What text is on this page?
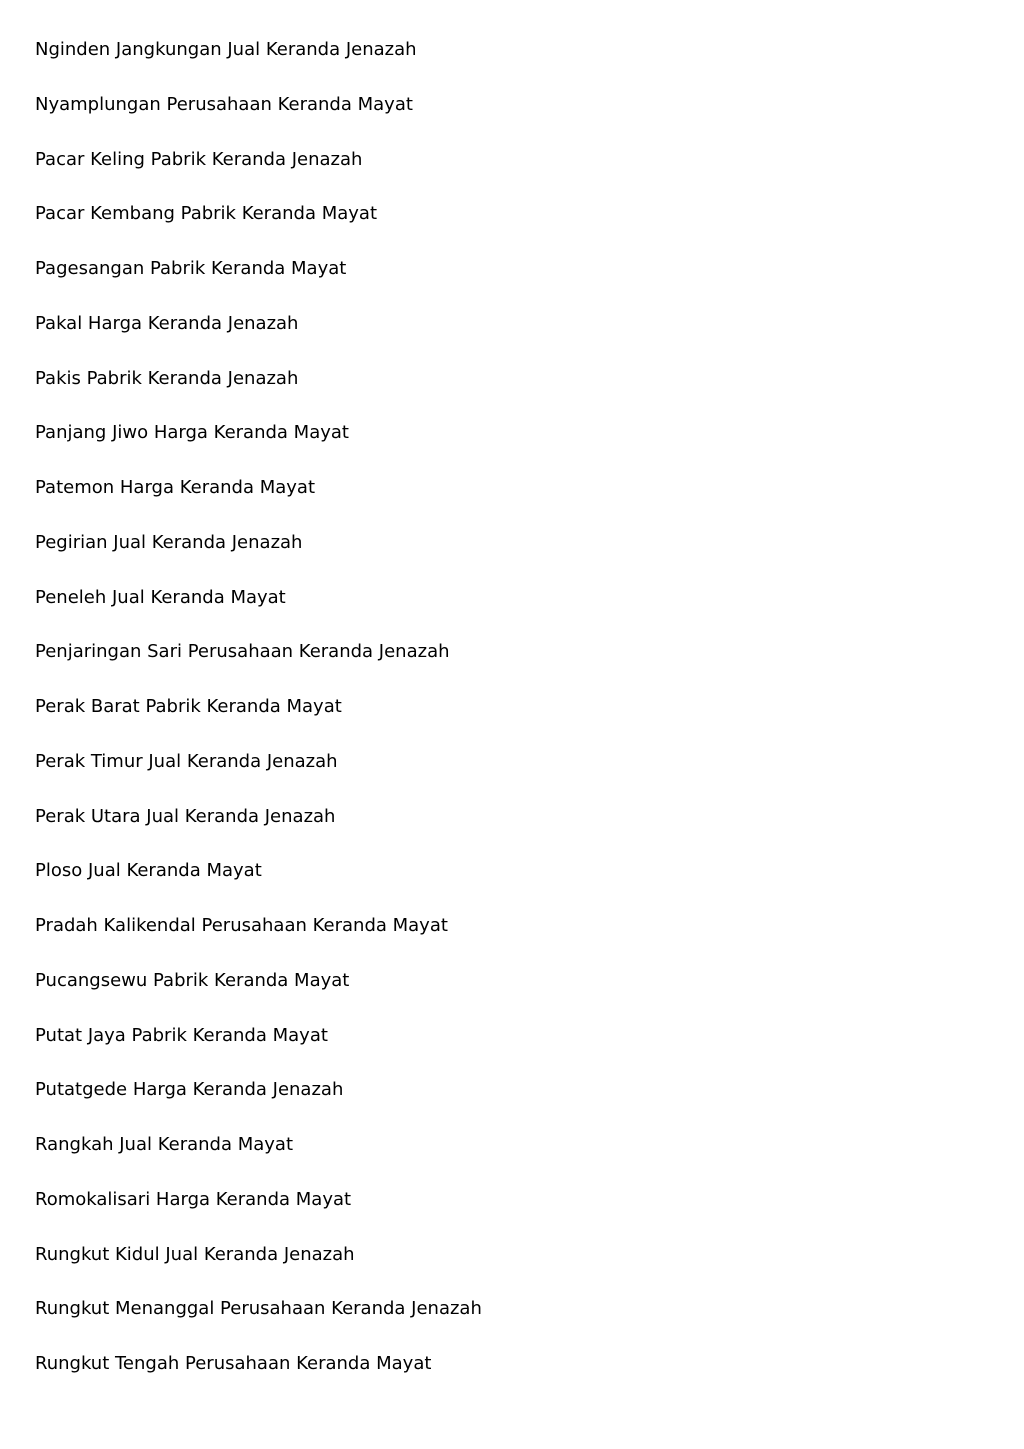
Nginden Jangkungan Jual Keranda Jenazah
Nyamplungan Perusahaan Keranda Mayat
Pacar Keling Pabrik Keranda Jenazah
Pacar Kembang Pabrik Keranda Mayat
Pagesangan Pabrik Keranda Mayat
Pakal Harga Keranda Jenazah
Pakis Pabrik Keranda Jenazah
Panjang Jiwo Harga Keranda Mayat
Patemon Harga Keranda Mayat
Pegirian Jual Keranda Jenazah
Peneleh Jual Keranda Mayat
Penjaringan Sari Perusahaan Keranda Jenazah
Perak Barat Pabrik Keranda Mayat
Perak Timur Jual Keranda Jenazah
Perak Utara Jual Keranda Jenazah
Ploso Jual Keranda Mayat
Pradah Kalikendal Perusahaan Keranda Mayat
Pucangsewu Pabrik Keranda Mayat
Putat Jaya Pabrik Keranda Mayat
Putatgede Harga Keranda Jenazah
Rangkah Jual Keranda Mayat
Romokalisari Harga Keranda Mayat
Rungkut Kidul Jual Keranda Jenazah
Rungkut Menanggal Perusahaan Keranda Jenazah
Rungkut Tengah Perusahaan Keranda Mayat
